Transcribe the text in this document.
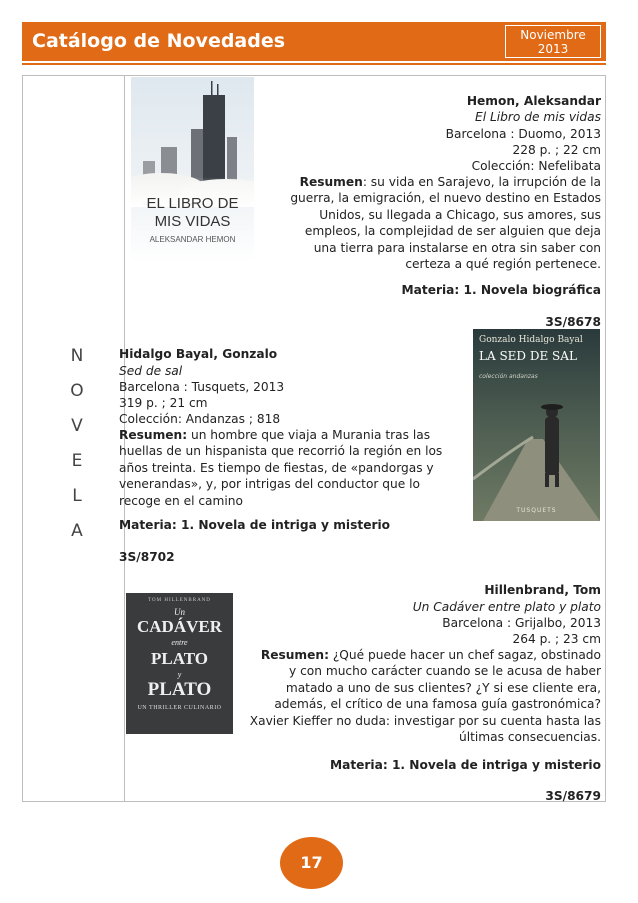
Catálogo de Novedades	Noviembre
2013
N
O
V
E
L
A
EL LIBRO DE
MIS VIDAS
ALEKSANDAR HEMON
Hemon, Aleksandar
El Libro de mis vidas
Barcelona : Duomo, 2013
228 p. ; 22 cm
Colección: Nefelibata
Resumen: su vida en Sarajevo, la irrupción de la
guerra, la emigración, el nuevo destino en Estados
Unidos, su llegada a Chicago, sus amores, sus
empleos, la complejidad de ser alguien que deja
una tierra para instalarse en otra sin saber con
certeza a qué región pertenece.
Materia: 1. Novela biográfica
3S/8678
Gonzalo Hidalgo Bayal
LA SED DE SAL
colección andanzas
TUSQUETS
Hidalgo Bayal, Gonzalo
Sed de sal
Barcelona : Tusquets, 2013
319 p. ; 21 cm
Colección: Andanzas ; 818
Resumen: un hombre que viaja a Murania tras las
huellas de un hispanista que recorrió la región en los
años treinta. Es tiempo de fiestas, de «pandorgas y
venerandas», y, por intrigas del conductor que lo
recoge en el camino
Materia: 1. Novela de intriga y misterio
3S/8702
TOM HILLENBRAND
Un
CADÁVER
entre
PLATO
y
PLATO
UN THRILLER CULINARIO
Hillenbrand, Tom
Un Cadáver entre plato y plato
Barcelona : Grijalbo, 2013
264 p. ; 23 cm
Resumen: ¿Qué puede hacer un chef sagaz, obstinado
y con mucho carácter cuando se le acusa de haber
matado a uno de sus clientes? ¿Y si ese cliente era,
además, el crítico de una famosa guía gastronómica?
Xavier Kieffer no duda: investigar por su cuenta hasta las
últimas consecuencias.
Materia: 1. Novela de intriga y misterio
3S/8679
17
